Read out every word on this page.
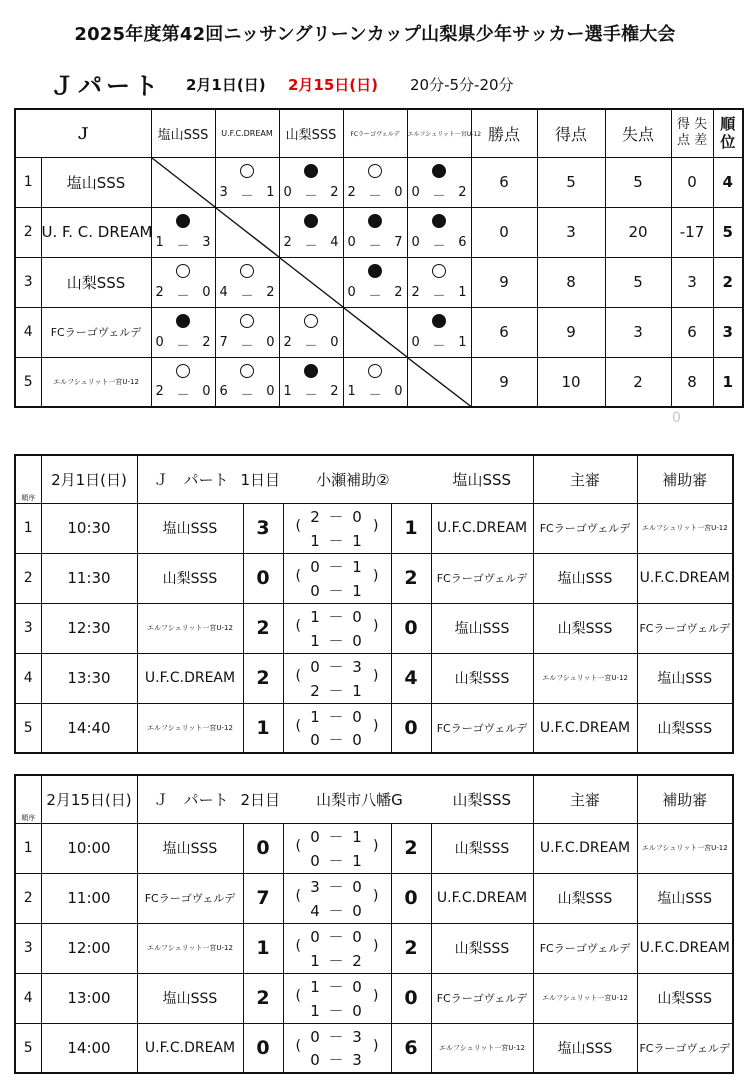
2025年度第42回ニッサングリーンカップ山梨県少年サッカー選手権大会
Ｊパート 2月1日(日) 2月15日(日) 20分-5分-20分
Ｊ		塩山SSS	U.F.C.DREAM	山梨SSS	FCラーゴヴェルデ	エルフシュリット一宮U-12	勝点	得点	失点	得 失 点 差	順 位
1	塩山SSS		3 － 1	0 － 2	2 － 0	0 － 2	6	5	5	0	4
2	U. F. C. DREAM	1 － 3		2 － 4	0 － 7	0 － 6	0	3	20	-17	5
3	山梨SSS	2 － 0	4 － 2		0 － 2	2 － 1	9	8	5	3	2
4	FCラーゴヴェルデ	0 － 2	7 － 0	2 － 0		0 － 1	6	9	3	6	3
5	エルフシュリット一宮U-12	2 － 0	6 － 0	1 － 2	1 － 0		9	10	2	8	1
0
順序	2月1日(日)	Ｊ　パート 1日目 小瀬補助②				塩山SSS	主審	補助審
1	10:30	塩山SSS	3	(
2 － 0
1 － 1
)	1	U.F.C.DREAM	FCラーゴヴェルデ	エルフシュリット一宮U-12
2	11:30	山梨SSS	0	(
0 － 1
0 － 1
)	2	FCラーゴヴェルデ	塩山SSS	U.F.C.DREAM
3	12:30	エルフシュリット一宮U-12	2	(
1 － 0
1 － 0
)	0	塩山SSS	山梨SSS	FCラーゴヴェルデ
4	13:30	U.F.C.DREAM	2	(
0 － 3
2 － 1
)	4	山梨SSS	エルフシュリット一宮U-12	塩山SSS
5	14:40	エルフシュリット一宮U-12	1	(
1 － 0
0 － 0
)	0	FCラーゴヴェルデ	U.F.C.DREAM	山梨SSS
順序	2月15日(日)	Ｊ　パート 2日目 山梨市八幡G				山梨SSS	主審	補助審
1	10:00	塩山SSS	0	(
0 － 1
0 － 1
)	2	山梨SSS	U.F.C.DREAM	エルフシュリット一宮U-12
2	11:00	FCラーゴヴェルデ	7	(
3 － 0
4 － 0
)	0	U.F.C.DREAM	山梨SSS	塩山SSS
3	12:00	エルフシュリット一宮U-12	1	(
0 － 0
1 － 2
)	2	山梨SSS	FCラーゴヴェルデ	U.F.C.DREAM
4	13:00	塩山SSS	2	(
1 － 0
1 － 0
)	0	FCラーゴヴェルデ	エルフシュリット一宮U-12	山梨SSS
5	14:00	U.F.C.DREAM	0	(
0 － 3
0 － 3
)	6	エルフシュリット一宮U-12	塩山SSS	FCラーゴヴェルデ
